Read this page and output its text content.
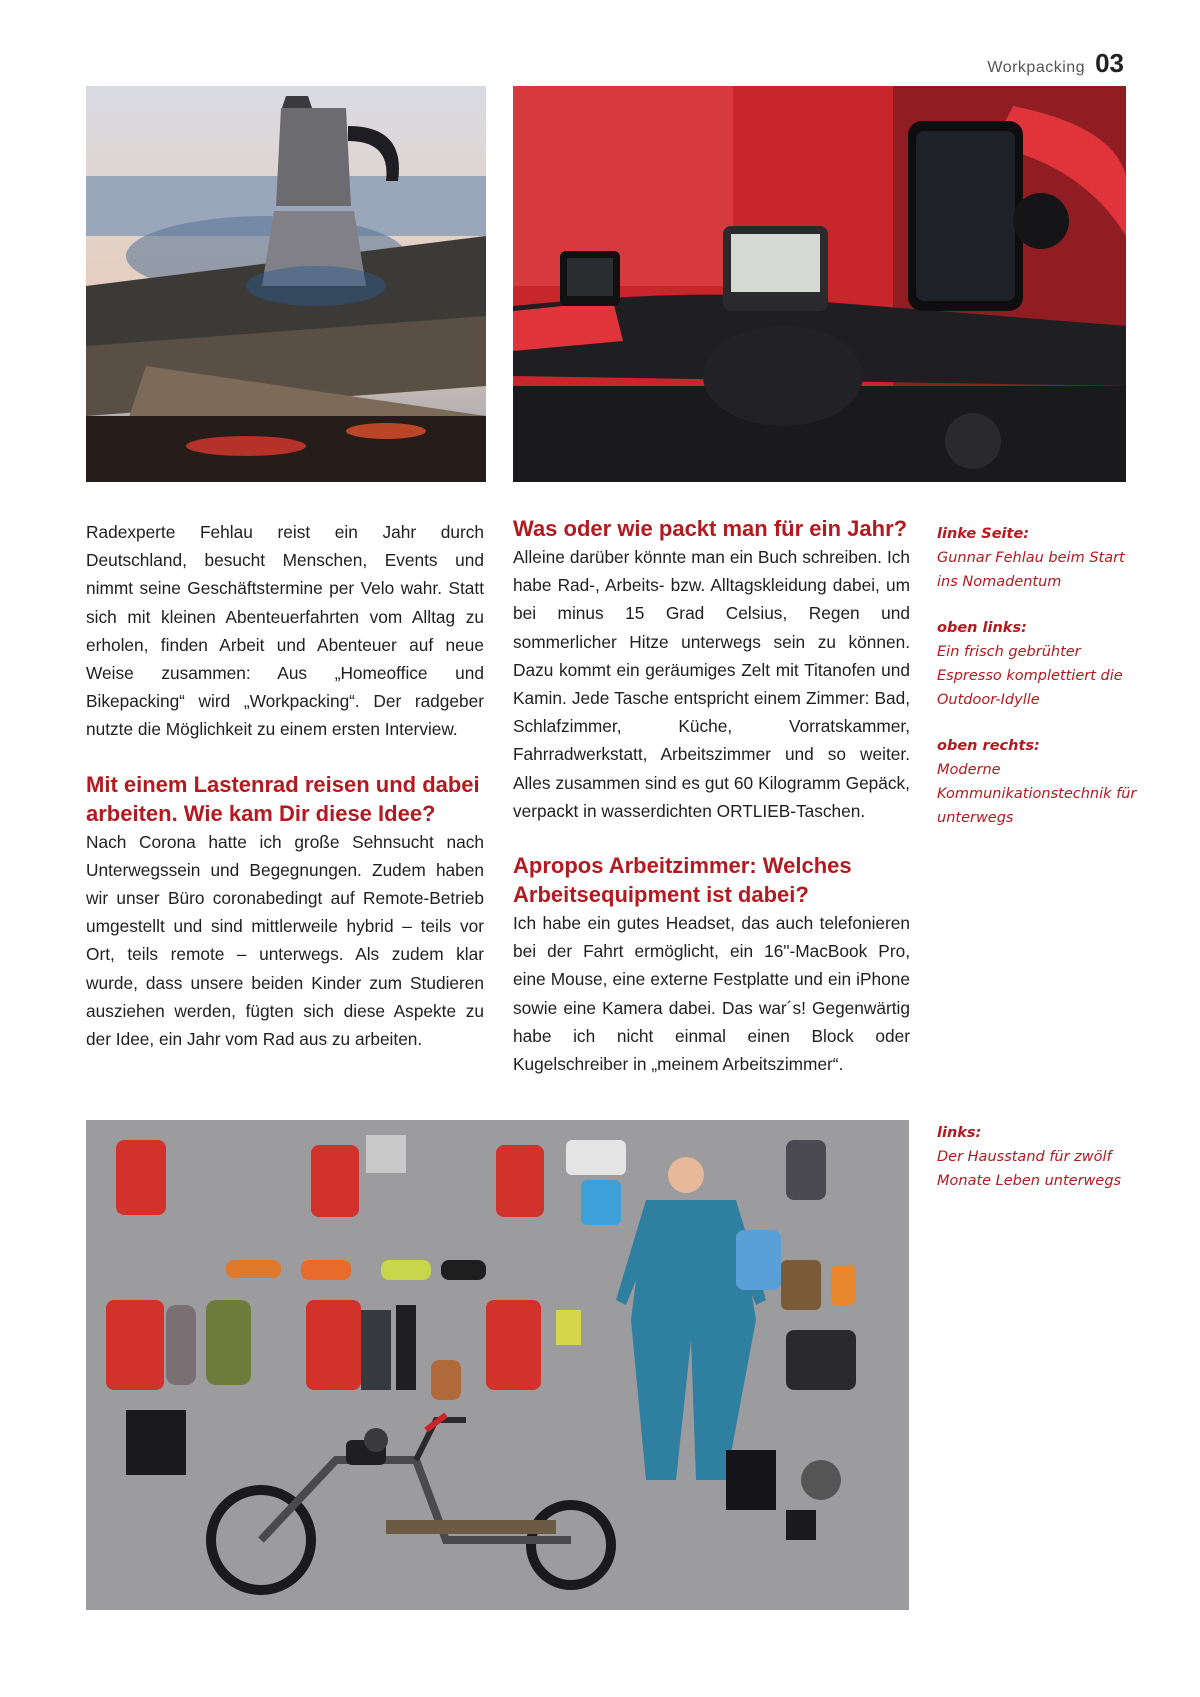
Workpacking 03

Radexperte Fehlau reist ein Jahr durch Deutschland, besucht Menschen, Events und nimmt seine Geschäftstermine per Velo wahr. Statt sich mit kleinen Abenteuerfahrten vom Alltag zu erholen, finden Arbeit und Abenteuer auf neue Weise zusammen: Aus „Homeoffice und Bikepacking“ wird „Workpacking“. Der radgeber nutzte die Möglichkeit zu einem ersten Interview.

Mit einem Lastenrad reisen und dabei arbeiten. Wie kam Dir diese Idee?

Nach Corona hatte ich große Sehnsucht nach Unterwegssein und Begegnungen. Zudem haben wir unser Büro coronabedingt auf Remote-Betrieb umgestellt und sind mittlerweile hybrid – teils vor Ort, teils remote – unterwegs. Als zudem klar wurde, dass unsere beiden Kinder zum Studieren ausziehen werden, fügten sich diese Aspekte zu der Idee, ein Jahr vom Rad aus zu arbeiten.

Was oder wie packt man für ein Jahr?

Alleine darüber könnte man ein Buch schreiben. Ich habe Rad-, Arbeits- bzw. Alltagskleidung dabei, um bei minus 15 Grad Celsius, Regen und sommerlicher Hitze unterwegs sein zu können. Dazu kommt ein geräumiges Zelt mit Titanofen und Kamin. Jede Tasche entspricht einem Zimmer: Bad, Schlafzimmer, Küche, Vorratskammer, Fahrradwerkstatt, Arbeitszimmer und so weiter. Alles zusammen sind es gut 60 Kilogramm Gepäck, verpackt in wasserdichten ORTLIEB-Taschen.

Apropos Arbeitzimmer: Welches Arbeitsequipment ist dabei?

Ich habe ein gutes Headset, das auch telefonieren bei der Fahrt ermöglicht, ein 16"-MacBook Pro, eine Mouse, eine externe Festplatte und ein iPhone sowie eine Kamera dabei. Das war´s! Gegenwärtig habe ich nicht einmal einen Block oder Kugelschreiber in „meinem Arbeitszimmer“.

linke Seite:
Gunnar Fehlau beim Start ins Nomadentum
oben links:
Ein frisch gebrühter Espresso komplettiert die Outdoor-Idylle
oben rechts:
Moderne Kommunikationstechnik für unterwegs
links:
Der Hausstand für zwölf Monate Leben unterwegs
